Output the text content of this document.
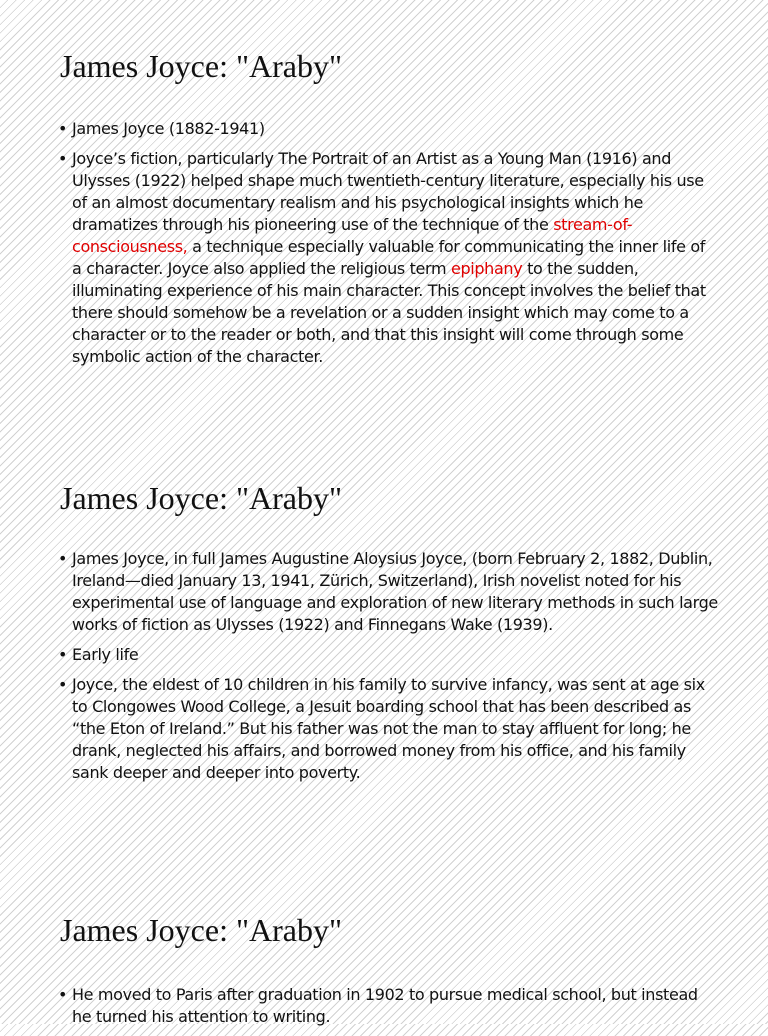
James Joyce: "Araby"
• James Joyce (1882-1941)
• Joyce’s fiction, particularly The Portrait of an Artist as a Young Man (1916) and Ulysses (1922) helped shape much twentieth-century literature, especially his use of an almost documentary realism and his psychological insights which he dramatizes through his pioneering use of the technique of the stream-of-consciousness, a technique especially valuable for communicating the inner life of a character. Joyce also applied the religious term epiphany to the sudden, illuminating experience of his main character. This concept involves the belief that there should somehow be a revelation or a sudden insight which may come to a character or to the reader or both, and that this insight will come through some symbolic action of the character.
James Joyce: "Araby"
• James Joyce, in full James Augustine Aloysius Joyce, (born February 2, 1882, Dublin, Ireland—died January 13, 1941, Zürich, Switzerland), Irish novelist noted for his experimental use of language and exploration of new literary methods in such large works of fiction as Ulysses (1922) and Finnegans Wake (1939).
• Early life
• Joyce, the eldest of 10 children in his family to survive infancy, was sent at age six to Clongowes Wood College, a Jesuit boarding school that has been described as “the Eton of Ireland.” But his father was not the man to stay affluent for long; he drank, neglected his affairs, and borrowed money from his office, and his family sank deeper and deeper into poverty.
James Joyce: "Araby"
• He moved to Paris after graduation in 1902 to pursue medical school, but instead he turned his attention to writing.
